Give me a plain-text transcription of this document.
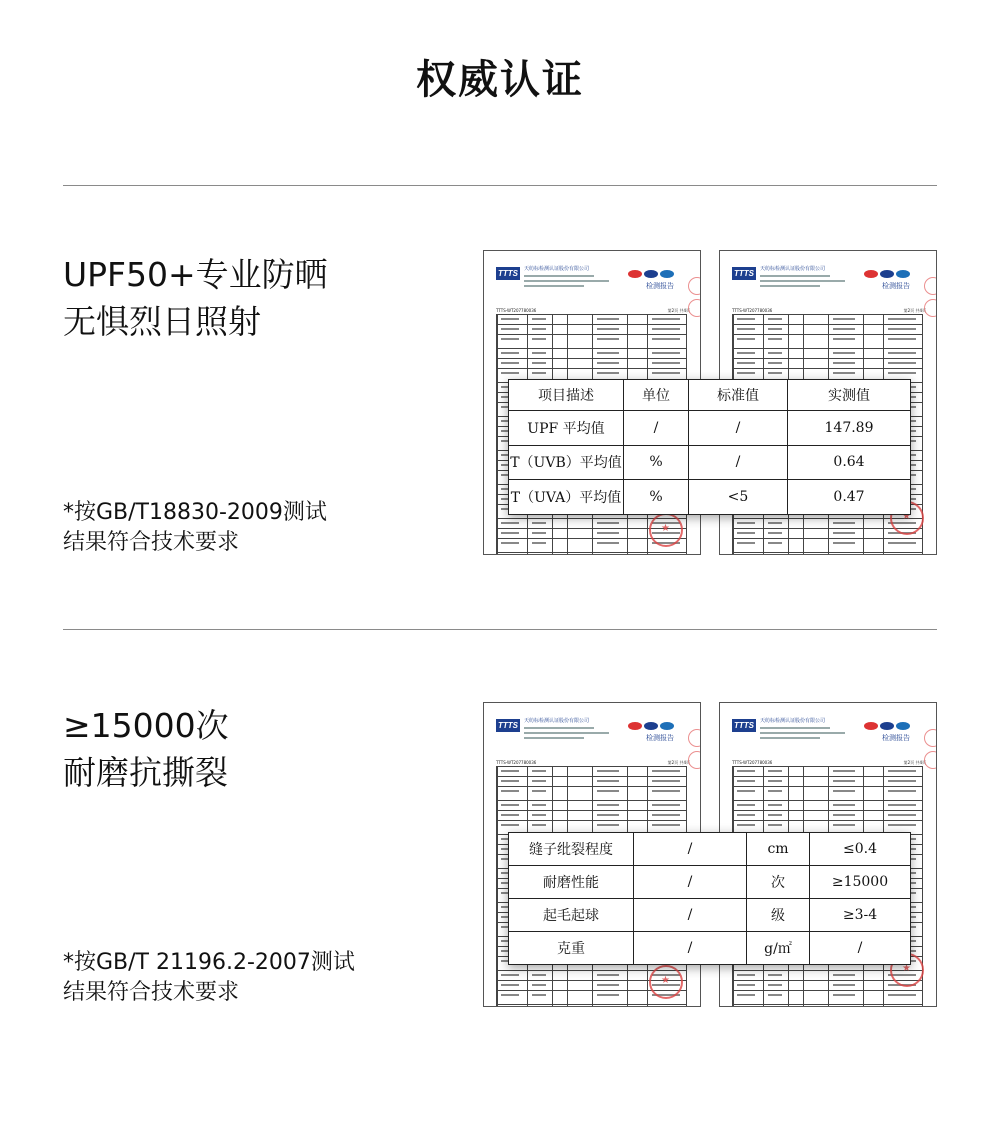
权威认证
UPF50+专业防晒
无惧烈日照射
*按GB/T18830-2009测试
结果符合技术要求
TTTS	天纺标检测认证股份有限公司
检测报告
TTTS-WT207780036	第2页 共4页
★
TTTS	天纺标检测认证股份有限公司
检测报告
TTTS-WT207780036	第2页 共4页
★
项目描述	单位	标准值	实测值
UPF 平均值	/	/	147.89
T（UVB）平均值	%	/	0.64
T（UVA）平均值	%	<5	0.47
≥15000次
耐磨抗撕裂
*按GB/T 21196.2-2007测试
结果符合技术要求
TTTS	天纺标检测认证股份有限公司
检测报告
TTTS-WT207780036	第2页 共4页
★
TTTS	天纺标检测认证股份有限公司
检测报告
TTTS-WT207780036	第2页 共4页
★
缝子纰裂程度	/	cm	≤0.4
耐磨性能	/	次	≥15000
起毛起球	/	级	≥3-4
克重	/	g/㎡	/
